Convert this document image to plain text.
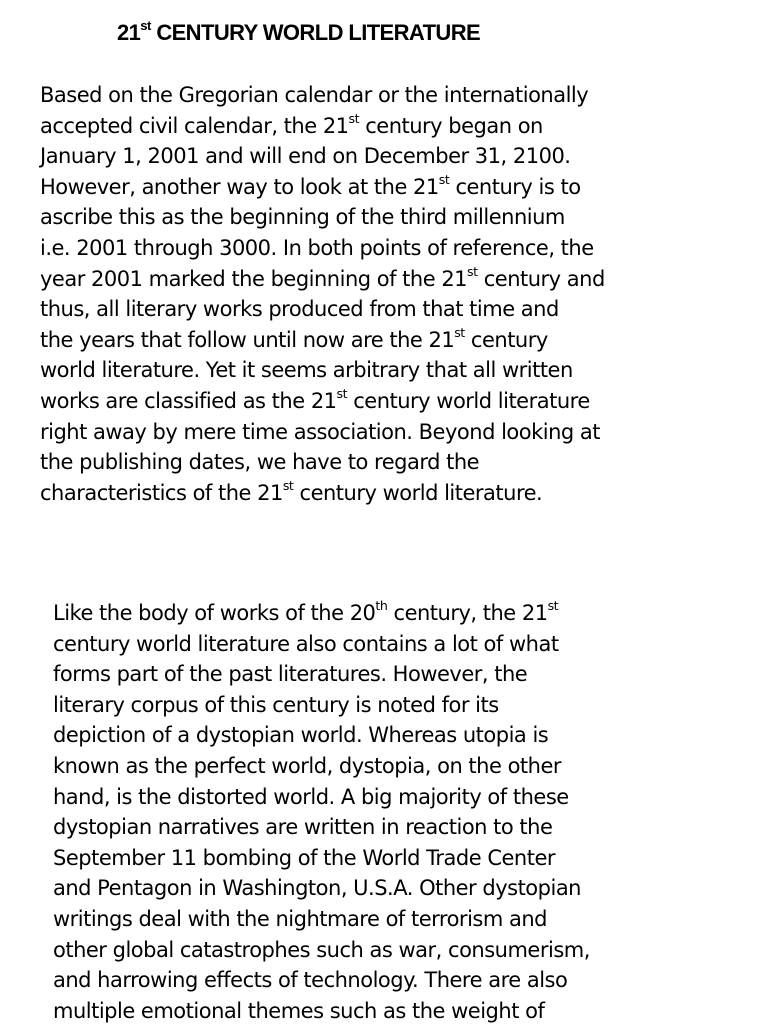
21st CENTURY WORLD LITERATURE
Based on the Gregorian calendar or the internationally
accepted civil calendar, the 21st century began on
January 1, 2001 and will end on December 31, 2100.
However, another way to look at the 21st century is to
ascribe this as the beginning of the third millennium
i.e. 2001 through 3000. In both points of reference, the
year 2001 marked the beginning of the 21st century and
thus, all literary works produced from that time and
the years that follow until now are the 21st century
world literature. Yet it seems arbitrary that all written
works are classified as the 21st century world literature
right away by mere time association. Beyond looking at
the publishing dates, we have to regard the
characteristics of the 21st century world literature.
Like the body of works of the 20th century, the 21st
century world literature also contains a lot of what
forms part of the past literatures. However, the
literary corpus of this century is noted for its
depiction of a dystopian world. Whereas utopia is
known as the perfect world, dystopia, on the other
hand, is the distorted world. A big majority of these
dystopian narratives are written in reaction to the
September 11 bombing of the World Trade Center
and Pentagon in Washington, U.S.A. Other dystopian
writings deal with the nightmare of terrorism and
other global catastrophes such as war, consumerism,
and harrowing effects of technology. There are also
multiple emotional themes such as the weight of
